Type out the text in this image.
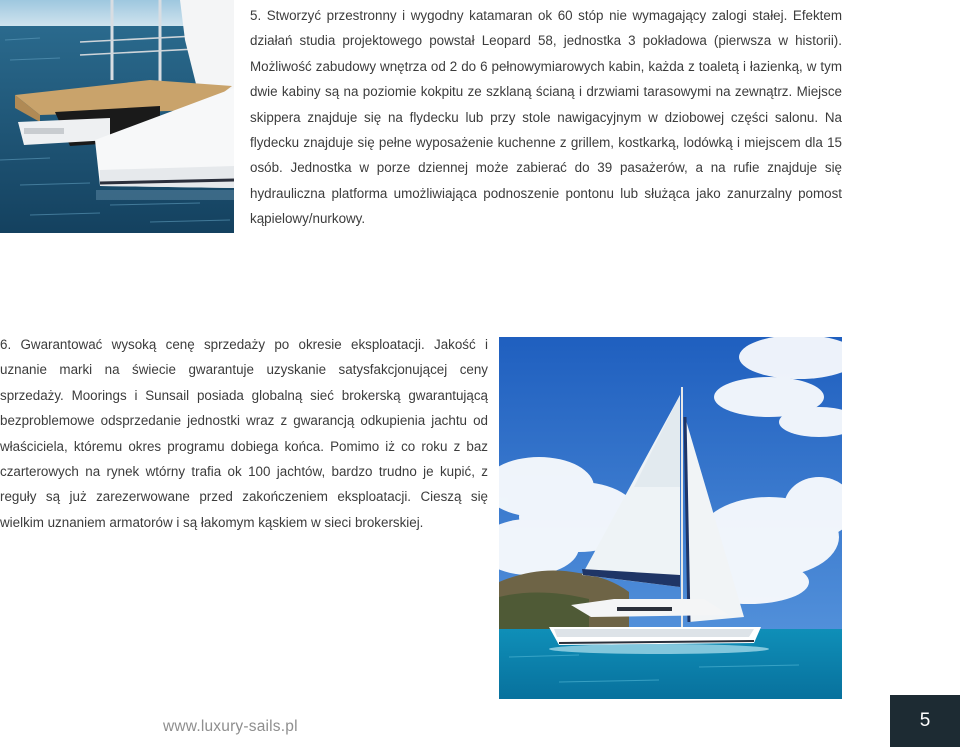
5. Stworzyć przestronny i wygodny katamaran ok 60 stóp nie wymagający zalogi stałej. Efektem działań studia projektowego powstał Leopard 58, jednostka 3 pokładowa (pierwsza w historii). Możliwość zabudowy wnętrza od 2 do 6 pełnowymiarowych kabin, każda z toaletą i łazienką, w tym dwie kabiny są na poziomie kokpitu ze szklaną ścianą i drzwiami tarasowymi na zewnątrz. Miejsce skippera znajduje się na flydecku lub przy stole nawigacyjnym w dziobowej części salonu. Na flydecku znajduje się pełne wyposażenie kuchenne z grillem, kostkarką, lodówką i miejscem dla 15 osób. Jednostka w porze dziennej może zabierać do 39 pasażerów, a na rufie znajduje się hydrauliczna platforma umożliwiająca podnoszenie pontonu lub służąca jako zanurzalny pomost kąpielowy/nurkowy.

6. Gwarantować wysoką cenę sprzedaży po okresie eksploatacji. Jakość i uznanie marki na świecie gwarantuje uzyskanie satysfakcjonującej ceny sprzedaży. Moorings i Sunsail posiada globalną sieć brokerską gwarantującą bezproblemowe odsprzedanie jednostki wraz z gwarancją odkupienia jachtu od właściciela, któremu okres programu dobiega końca. Pomimo iż co roku z baz czarterowych na rynek wtórny trafia ok 100 jachtów, bardzo trudno je kupić, z reguły są już zarezerwowane przed zakończeniem eksploatacji. Cieszą się wielkim uznaniem armatorów i są łakomym kąskiem w sieci brokerskiej.

www.luxury-sails.pl	5
